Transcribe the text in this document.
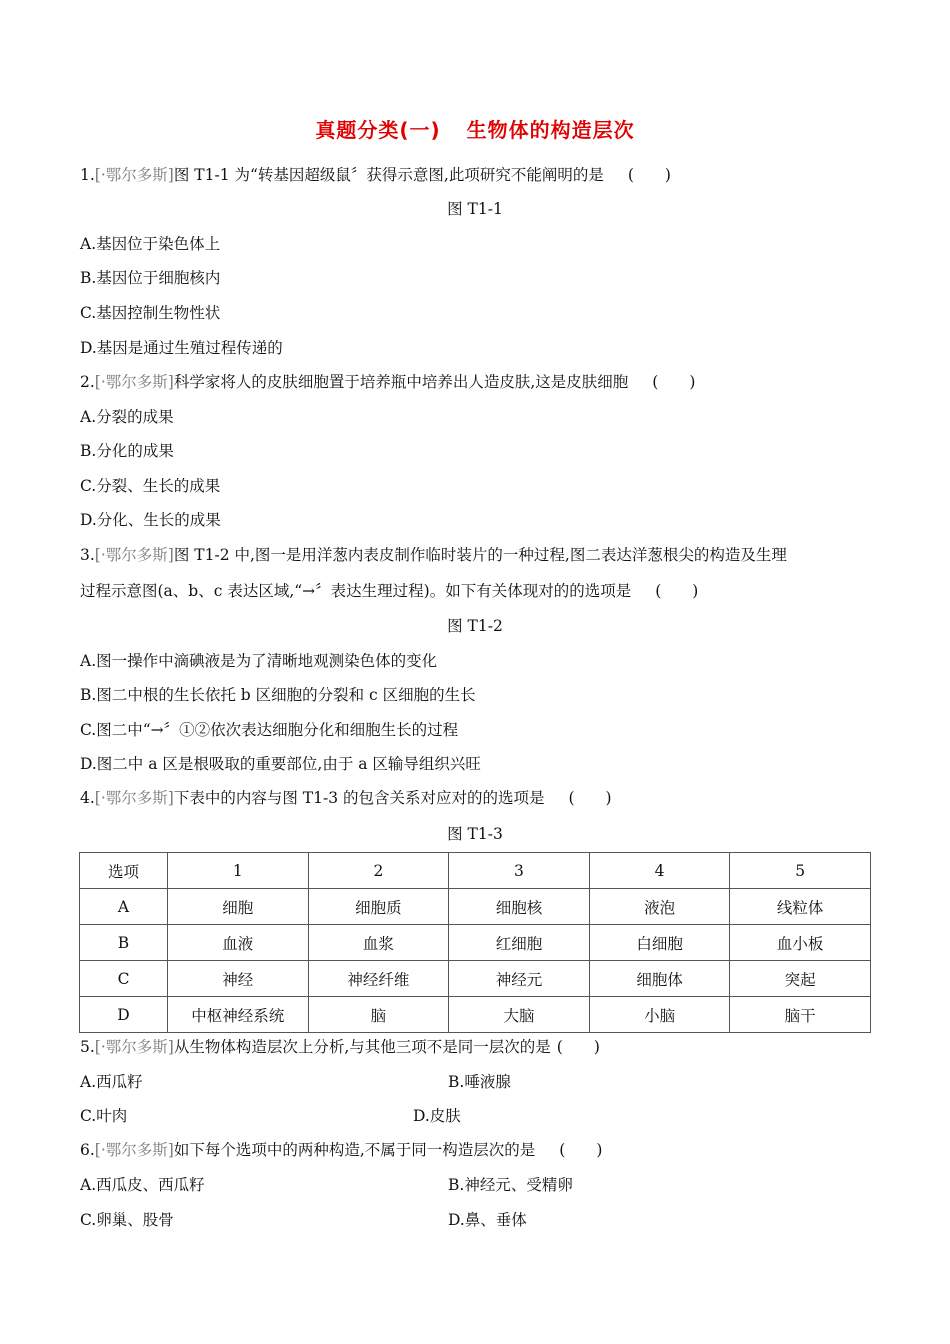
真题分类(一) 生物体的构造层次
1.[·鄂尔多斯]图 T1-1 为“转基因超级鼠〞获得示意图,此项研究不能阐明的是 (　　)
图 T1-1
A.基因位于染色体上
B.基因位于细胞核内
C.基因控制生物性状
D.基因是通过生殖过程传递的
2.[·鄂尔多斯]科学家将人的皮肤细胞置于培养瓶中培养出人造皮肤,这是皮肤细胞 (　　)
A.分裂的成果
B.分化的成果
C.分裂、生长的成果
D.分化、生长的成果
3.[·鄂尔多斯]图 T1-2 中,图一是用洋葱内表皮制作临时装片的一种过程,图二表达洋葱根尖的构造及生理
过程示意图(a、b、c 表达区域,“→〞表达生理过程)。如下有关体现对的的选项是 (　　)
图 T1-2
A.图一操作中滴碘液是为了清晰地观测染色体的变化
B.图二中根的生长依托 b 区细胞的分裂和 c 区细胞的生长
C.图二中“→〞①②依次表达细胞分化和细胞生长的过程
D.图二中 a 区是根吸取的重要部位,由于 a 区输导组织兴旺
4.[·鄂尔多斯]下表中的内容与图 T1-3 的包含关系对应对的的选项是 (　　)
图 T1-3
选项	1	2	3	4	5
A	细胞	细胞质	细胞核	液泡	线粒体
B	血液	血浆	红细胞	白细胞	血小板
C	神经	神经纤维	神经元	细胞体	突起
D	中枢神经系统	脑	大脑	小脑	脑干
5.[·鄂尔多斯]从生物体构造层次上分析,与其他三项不是同一层次的是 (　　)
A.西瓜籽	B.唾液腺
C.叶肉	D.皮肤
6.[·鄂尔多斯]如下每个选项中的两种构造,不属于同一构造层次的是 (　　)
A.西瓜皮、西瓜籽	B.神经元、受精卵
C.卵巢、股骨	D.鼻、垂体
